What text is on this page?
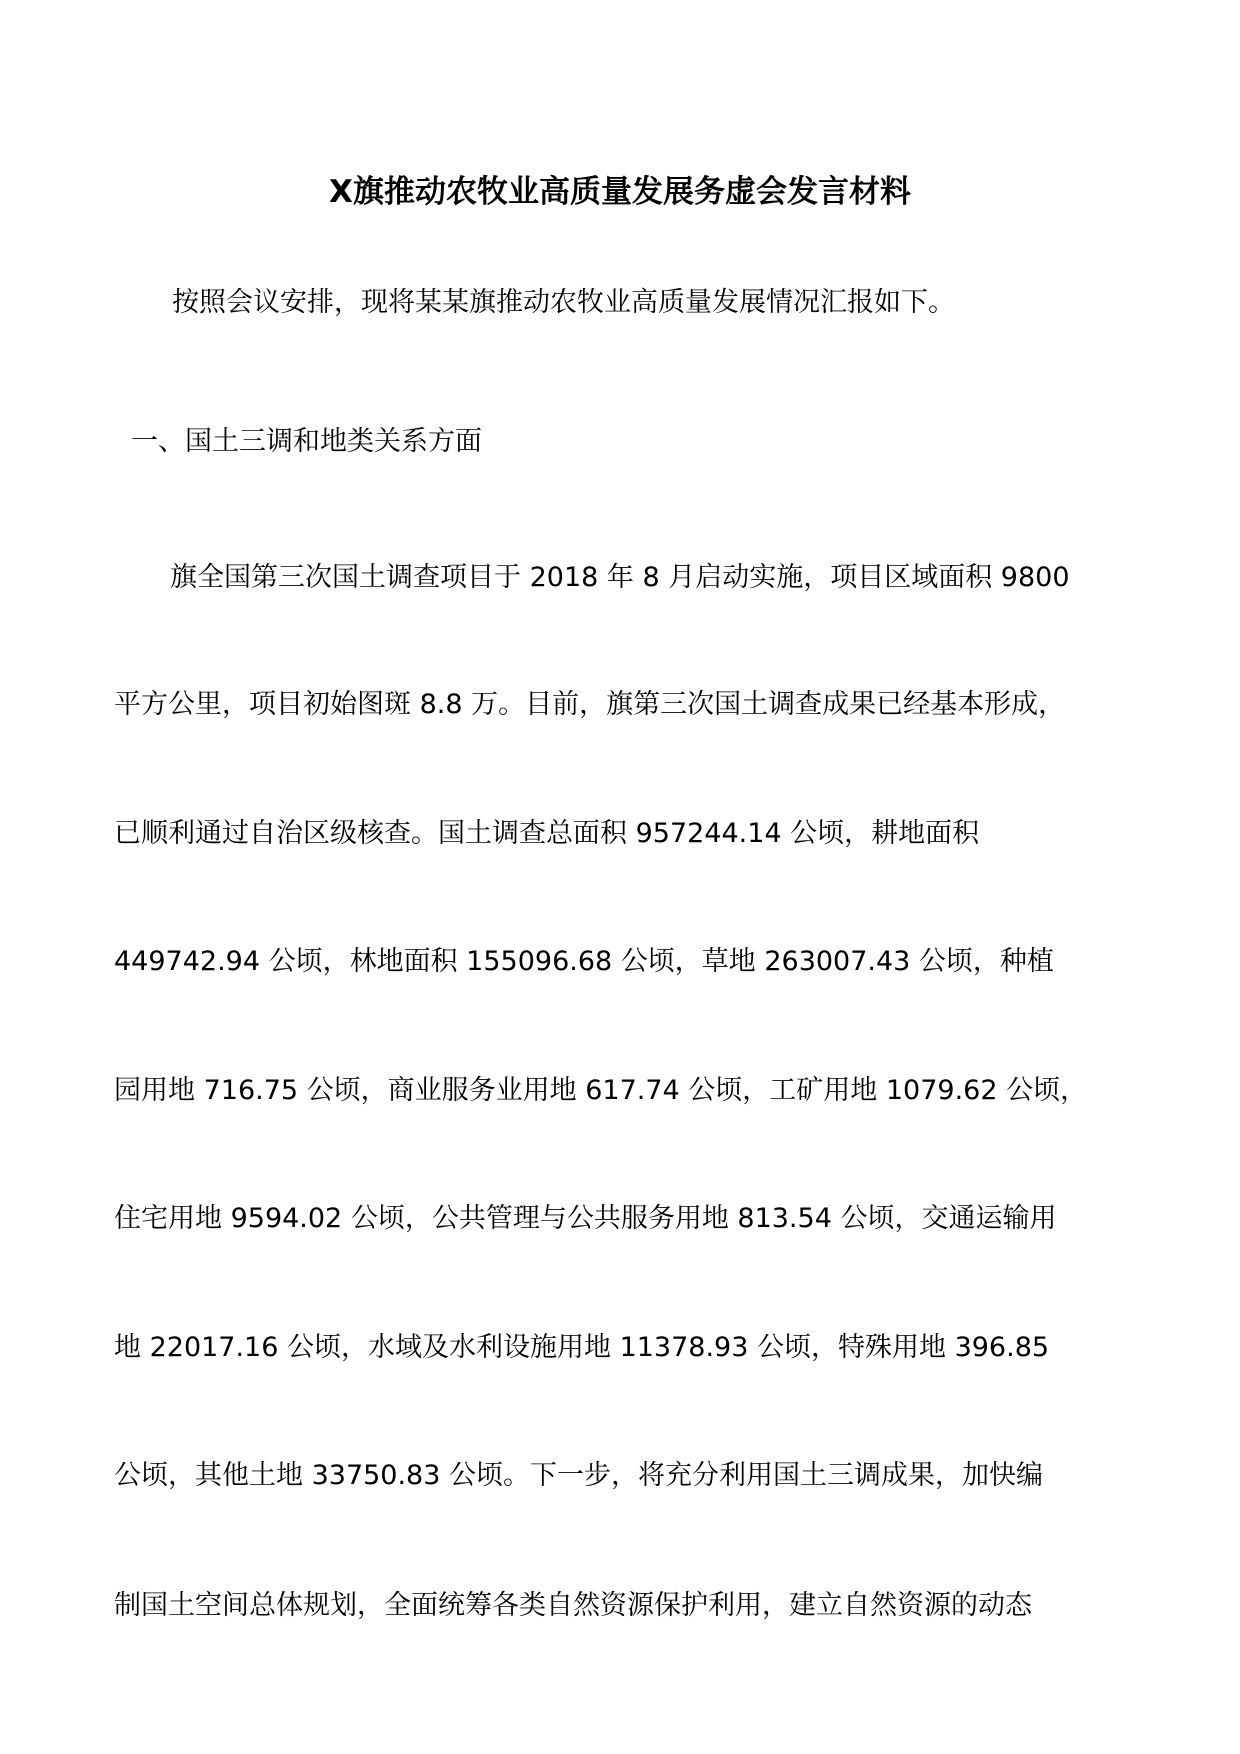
X旗推动农牧业高质量发展务虚会发言材料
按照会议安排，现将某某旗推动农牧业高质量发展情况汇报如下。
一、国土三调和地类关系方面
旗全国第三次国土调查项目于 2018 年 8 月启动实施，项目区域面积 9800
平方公里，项目初始图斑 8.8 万。目前，旗第三次国土调查成果已经基本形成，
已顺利通过自治区级核查。国土调查总面积 957244.14 公顷，耕地面积
449742.94 公顷，林地面积 155096.68 公顷，草地 263007.43 公顷，种植
园用地 716.75 公顷，商业服务业用地 617.74 公顷，工矿用地 1079.62 公顷，
住宅用地 9594.02 公顷，公共管理与公共服务用地 813.54 公顷，交通运输用
地 22017.16 公顷，水域及水利设施用地 11378.93 公顷，特殊用地 396.85
公顷，其他土地 33750.83 公顷。下一步，将充分利用国土三调成果，加快编
制国土空间总体规划，全面统筹各类自然资源保护利用，建立自然资源的动态
